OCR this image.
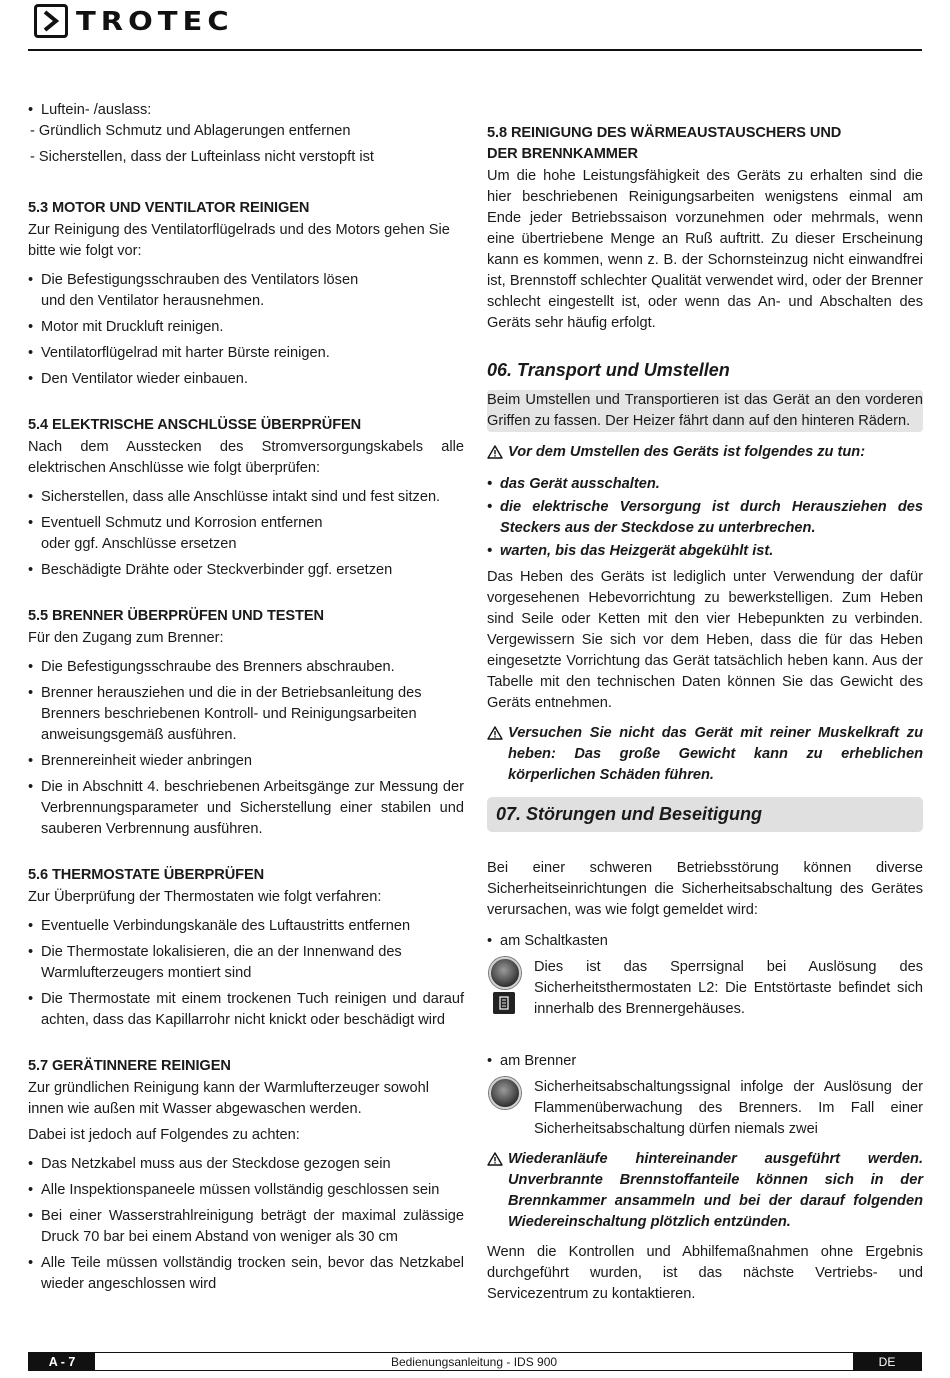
TROTEC

• Luftein- /auslass:

- Gründlich Schmutz und Ablagerungen entfernen

- Sicherstellen, dass der Lufteinlass nicht verstopft ist

5.3 MOTOR UND VENTILATOR REINIGEN

Zur Reinigung des Ventilatorflügelrads und des Motors gehen Sie bitte wie folgt vor:

• Die Befestigungsschrauben des Ventilators lösen

und den Ventilator herausnehmen.

• Motor mit Druckluft reinigen.

• Ventilatorflügelrad mit harter Bürste reinigen.

• Den Ventilator wieder einbauen.

5.4 ELEKTRISCHE ANSCHLÜSSE ÜBERPRÜFEN

Nach dem Ausstecken des Stromversorgungskabels alle elektrischen Anschlüsse wie folgt überprüfen:

• Sicherstellen, dass alle Anschlüsse intakt sind und fest sitzen.

• Eventuell Schmutz und Korrosion entfernen

oder ggf. Anschlüsse ersetzen

• Beschädigte Drähte oder Steckverbinder ggf. ersetzen

5.5 BRENNER ÜBERPRÜFEN UND TESTEN

Für den Zugang zum Brenner:

• Die Befestigungsschraube des Brenners abschrauben.

• Brenner herausziehen und die in der Betriebsanleitung des Brenners beschriebenen Kontroll- und Reinigungsarbeiten anweisungsgemäß ausführen.

• Brennereinheit wieder anbringen

• Die in Abschnitt 4. beschriebenen Arbeitsgänge zur Messung der Verbrennungsparameter und Sicherstellung einer stabilen und sauberen Verbrennung ausführen.

5.6 THERMOSTATE ÜBERPRÜFEN

Zur Überprüfung der Thermostaten wie folgt verfahren:

• Eventuelle Verbindungskanäle des Luftaustritts entfernen

• Die Thermostate lokalisieren, die an der Innenwand des Warmlufterzeugers montiert sind

• Die Thermostate mit einem trockenen Tuch reinigen und darauf achten, dass das Kapillarrohr nicht knickt oder beschädigt wird

5.7 GERÄTINNERE REINIGEN

Zur gründlichen Reinigung kann der Warmlufterzeuger sowohl innen wie außen mit Wasser abgewaschen werden.

Dabei ist jedoch auf Folgendes zu achten:

• Das Netzkabel muss aus der Steckdose gezogen sein

• Alle Inspektionspaneele müssen vollständig geschlossen sein

• Bei einer Wasserstrahlreinigung beträgt der maximal zulässige Druck 70 bar bei einem Abstand von weniger als 30 cm

• Alle Teile müssen vollständig trocken sein, bevor das Netzkabel wieder angeschlossen wird

5.8 REINIGUNG DES WÄRMEAUSTAUSCHERS UND

DER BRENNKAMMER

Um die hohe Leistungsfähigkeit des Geräts zu erhalten sind die hier beschriebenen Reinigungsarbeiten wenigstens einmal am Ende jeder Betriebssaison vorzunehmen oder mehrmals, wenn eine übertriebene Menge an Ruß auftritt. Zu dieser Erscheinung kann es kommen, wenn z. B. der Schornsteinzug nicht einwandfrei ist, Brennstoff schlechter Qualität verwendet wird, oder der Brenner schlecht eingestellt ist, oder wenn das An- und Abschalten des Geräts sehr häufig erfolgt.

06. Transport und Umstellen

Beim Umstellen und Transportieren ist das Gerät an den vorderen Griffen zu fassen. Der Heizer fährt dann auf den hinteren Rädern.

Vor dem Umstellen des Geräts ist folgendes zu tun:

• das Gerät ausschalten.

• die elektrische Versorgung ist durch Herausziehen des Steckers aus der Steckdose zu unterbrechen.

• warten, bis das Heizgerät abgekühlt ist.

Das Heben des Geräts ist lediglich unter Verwendung der dafür vorgesehenen Hebevorrichtung zu bewerkstelligen. Zum Heben sind Seile oder Ketten mit den vier Hebepunkten zu verbinden. Vergewissern Sie sich vor dem Heben, dass die für das Heben eingesetzte Vorrichtung das Gerät tatsächlich heben kann. Aus der Tabelle mit den technischen Daten können Sie das Gewicht des Geräts entnehmen.

Versuchen Sie nicht das Gerät mit reiner Muskelkraft zu heben: Das große Gewicht kann zu erheblichen körperlichen Schäden führen.
07. Störungen und Beseitigung

Bei einer schweren Betriebsstörung können diverse Sicherheitseinrichtungen die Sicherheitsabschaltung des Gerätes verursachen, was wie folgt gemeldet wird:

• am Schaltkasten

Dies ist das Sperrsignal bei Auslösung des Sicherheitsthermostaten L2: Die Entstörtaste befindet sich innerhalb des Brennergehäuses.

• am Brenner

Sicherheitsabschaltungssignal infolge der Auslösung der Flammenüberwachung des Brenners. Im Fall einer Sicherheitsabschaltung dürfen niemals zwei
Wiederanläufe hintereinander ausgeführt werden. Unverbrannte Brennstoffanteile können sich in der Brennkammer ansammeln und bei der darauf folgenden Wiedereinschaltung plötzlich entzünden.

Wenn die Kontrollen und Abhilfemaßnahmen ohne Ergebnis durchgeführt wurden, ist das nächste Vertriebs- und Servicezentrum zu kontaktieren.

A - 7	Bedienungsanleitung - IDS 900	DE
